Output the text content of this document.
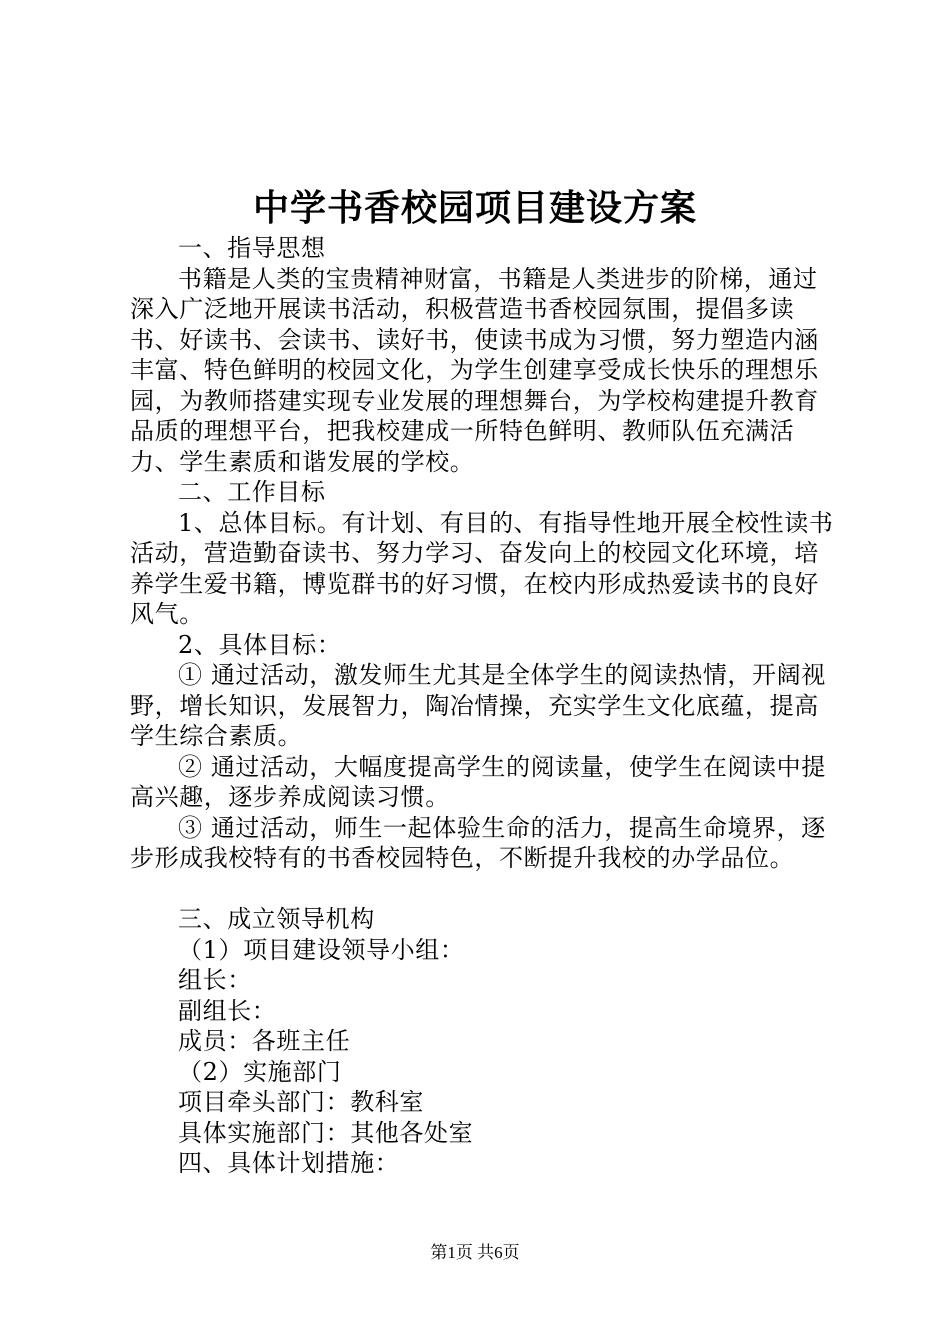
中学书香校园项目建设方案

一、指导思想

书籍是人类的宝贵精神财富，书籍是人类进步的阶梯，通过深入广泛地开展读书活动，积极营造书香校园氛围，提倡多读书、好读书、会读书、读好书，使读书成为习惯，努力塑造内涵丰富、特色鲜明的校园文化，为学生创建享受成长快乐的理想乐园，为教师搭建实现专业发展的理想舞台，为学校构建提升教育品质的理想平台，把我校建成一所特色鲜明、教师队伍充满活力、学生素质和谐发展的学校。

二、工作目标

1、总体目标。有计划、有目的、有指导性地开展全校性读书活动，营造勤奋读书、努力学习、奋发向上的校园文化环境，培养学生爱书籍，博览群书的好习惯，在校内形成热爱读书的良好风气。

2、具体目标：

① 通过活动，激发师生尤其是全体学生的阅读热情，开阔视野，增长知识，发展智力，陶冶情操，充实学生文化底蕴，提高学生综合素质。

② 通过活动，大幅度提高学生的阅读量，使学生在阅读中提高兴趣，逐步养成阅读习惯。

③ 通过活动，师生一起体验生命的活力，提高生命境界，逐步形成我校特有的书香校园特色，不断提升我校的办学品位。

三、成立领导机构

（1）项目建设领导小组：

组长：

副组长：

成员：各班主任

（2）实施部门

项目牵头部门：教科室

具体实施部门：其他各处室

四、具体计划措施：

第1页 共6页
